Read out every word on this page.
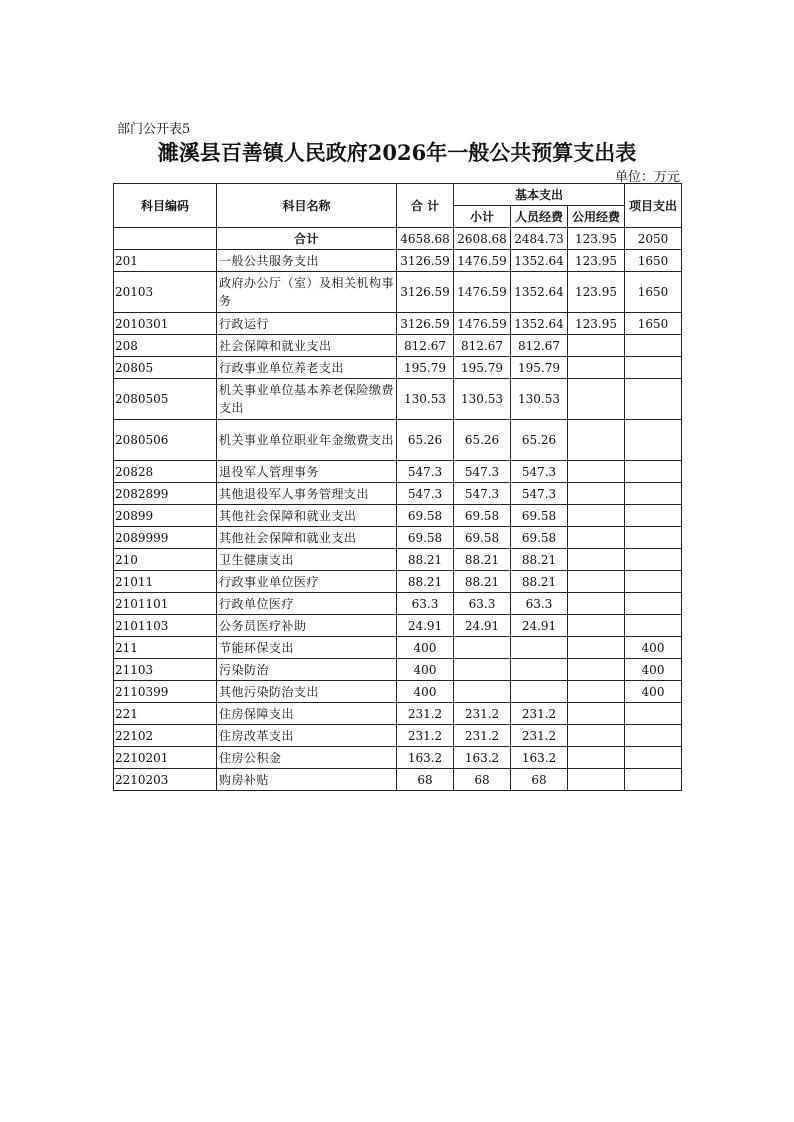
部门公开表5
濉溪县百善镇人民政府2026年一般公共预算支出表
单位：万元
科目编码	科目名称	合 计	基本支出			项目支出
			小计	人员经费	公用经费	
	合计	4658.68	2608.68	2484.73	123.95	2050
201	一般公共服务支出	3126.59	1476.59	1352.64	123.95	1650
20103	政府办公厅（室）及相关机构事务	3126.59	1476.59	1352.64	123.95	1650
2010301	行政运行	3126.59	1476.59	1352.64	123.95	1650
208	社会保障和就业支出	812.67	812.67	812.67		
20805	行政事业单位养老支出	195.79	195.79	195.79		
2080505	机关事业单位基本养老保险缴费支出	130.53	130.53	130.53		
2080506	机关事业单位职业年金缴费支出	65.26	65.26	65.26		
20828	退役军人管理事务	547.3	547.3	547.3		
2082899	其他退役军人事务管理支出	547.3	547.3	547.3		
20899	其他社会保障和就业支出	69.58	69.58	69.58		
2089999	其他社会保障和就业支出	69.58	69.58	69.58		
210	卫生健康支出	88.21	88.21	88.21		
21011	行政事业单位医疗	88.21	88.21	88.21		
2101101	行政单位医疗	63.3	63.3	63.3		
2101103	公务员医疗补助	24.91	24.91	24.91		
211	节能环保支出	400				400
21103	污染防治	400				400
2110399	其他污染防治支出	400				400
221	住房保障支出	231.2	231.2	231.2		
22102	住房改革支出	231.2	231.2	231.2		
2210201	住房公积金	163.2	163.2	163.2		
2210203	购房补贴	68	68	68		
